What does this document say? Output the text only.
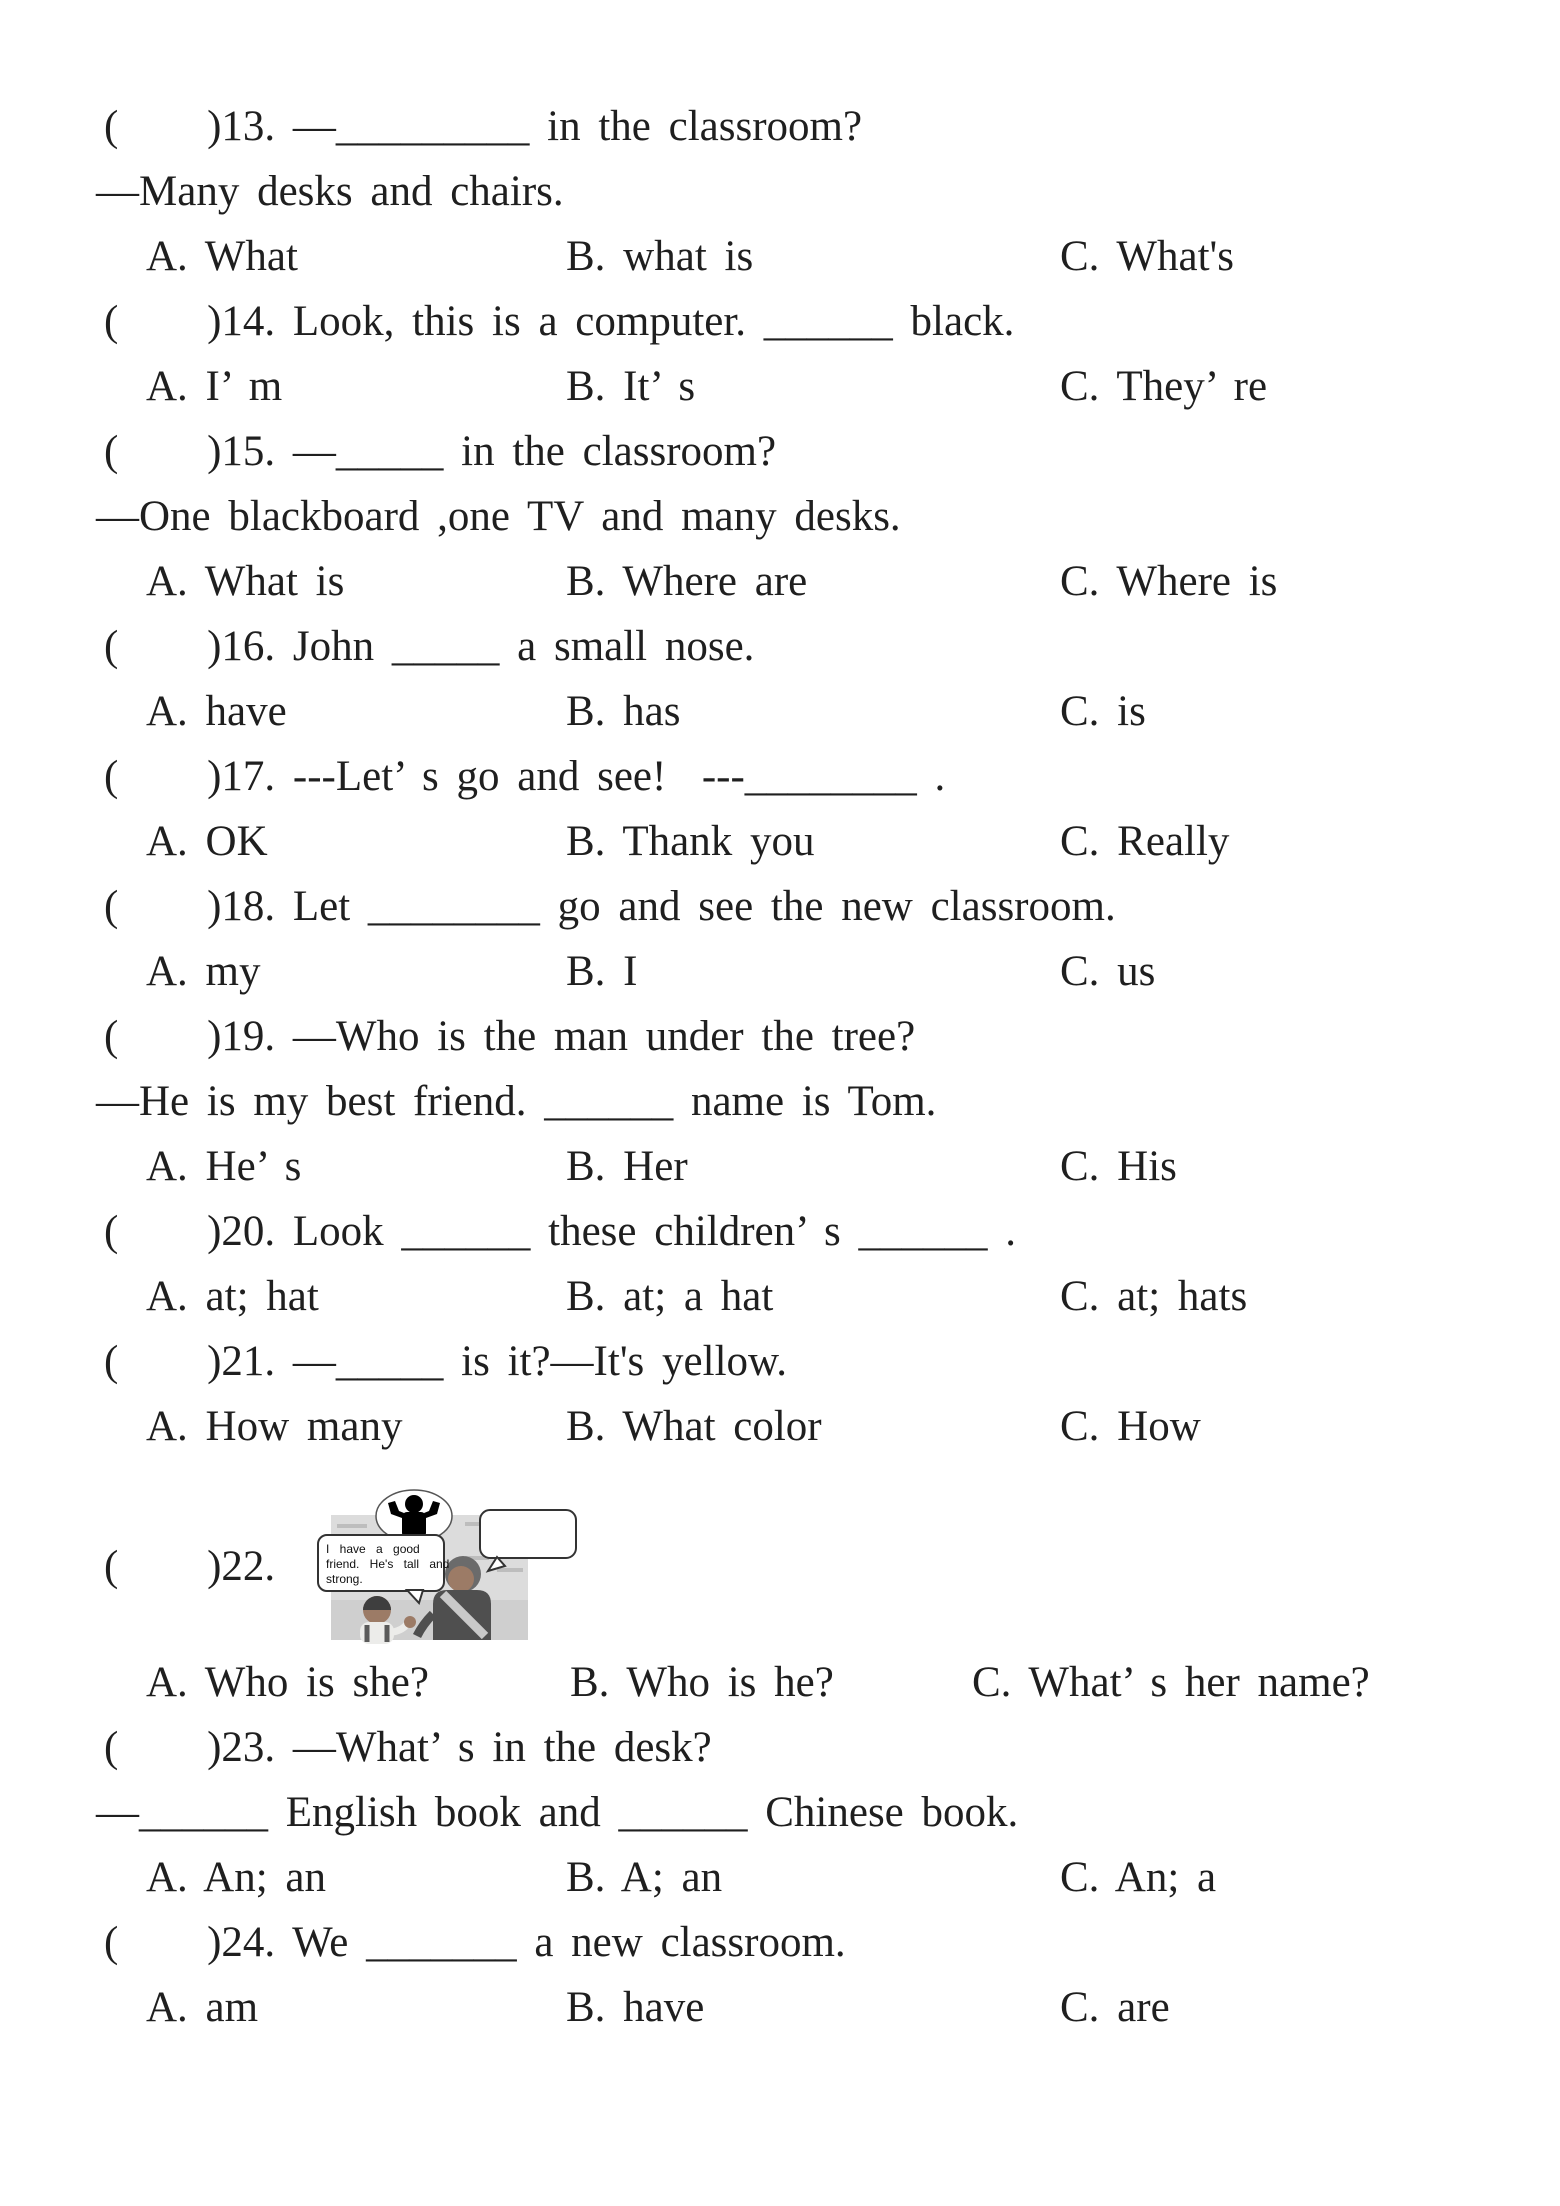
(     )13. —_________ in the classroom?
—Many desks and chairs.

A. What

	B. what is

	C. What's

(     )14. Look, this is a computer. ______ black.

A. I’ m

	B. It’ s

	C. They’ re

(     )15. —_____ in the classroom?
—One blackboard ,one TV and many desks.

A. What is

	B. Where are

	C. Where is

(     )16. John _____ a small nose.

A. have

	B. has

	C. is

(     )17. ---Let’ s go and see!  ---________ .

A. OK

	B. Thank you

	C. Really

(     )18. Let ________ go and see the new classroom.

A. my

	B. I

	C. us

(     )19. —Who is the man under the tree?
—He is my best friend. ______ name is Tom.

A. He’ s

	B. Her

	C. His

(     )20. Look ______ these children’ s ______ .

A. at; hat

	B. at; a hat

	C. at; hats

(     )21. —_____ is it?—It's yellow.

A. How many

	B. What color

	C. How

(     )22.	I have a good friend. He's tall and strong.

A. Who is she?

	B. Who is he?

	C. What’ s her name?

(     )23. —What’ s in the desk?
—______ English book and ______ Chinese book.

A. An; an

	B. A; an

	C. An; a

(     )24. We _______ a new classroom.

A. am

	B. have

	C. are
